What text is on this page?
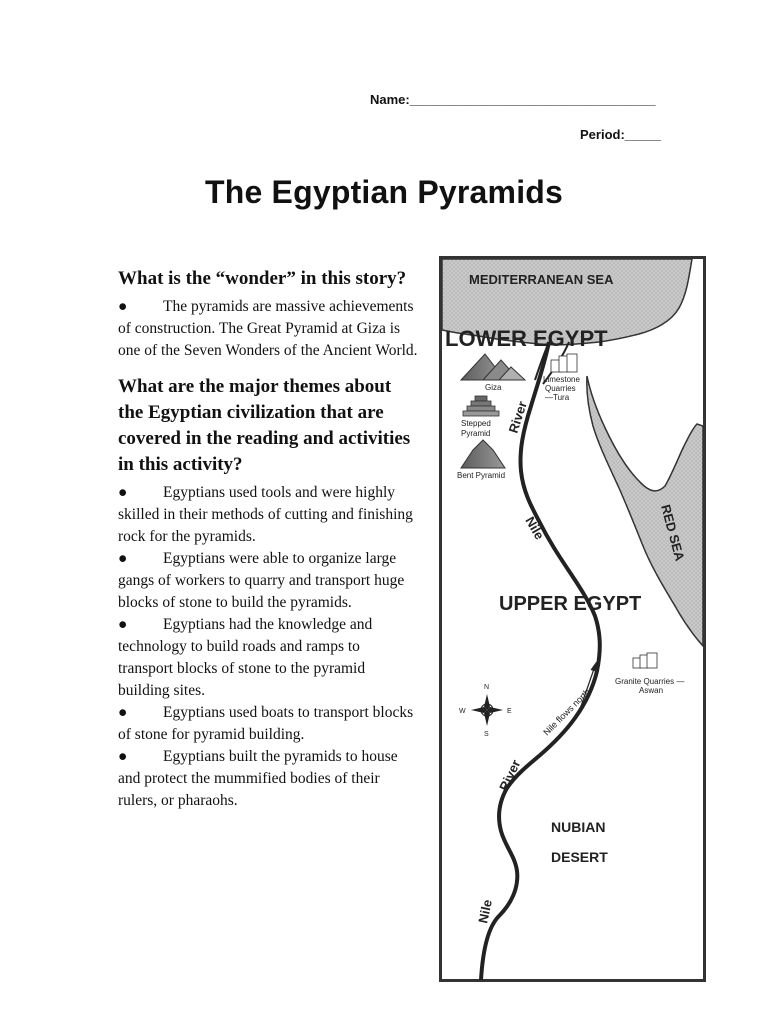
Name:__________________________________
Period:_____
The Egyptian Pyramids

What is the “wonder” in this story?

● The pyramids are massive achievements of construction. The Great Pyramid at Giza is one of the Seven Wonders of the Ancient World.

What are the major themes about the Egyptian civilization that are covered in the reading and activities in this activity?

● Egyptians used tools and were highly skilled in their methods of cutting and finishing rock for the pyramids.
● Egyptians were able to organize large gangs of workers to quarry and transport huge blocks of stone to build the pyramids.
● Egyptians had the knowledge and technology to build roads and ramps to transport blocks of stone to the pyramid building sites.
● Egyptians used boats to transport blocks of stone for pyramid building.
● Egyptians built the pyramids to house and protect the mummified bodies of their rulers, or pharaohs.
MEDITERRANEAN SEA
LOWER EGYPT
UPPER EGYPT
RED SEA
River
Nile
Nile flows north
River
Nile
NUBIAN
DESERT
Giza
Stepped
Pyramid
Bent Pyramid
Limestone
Quarries
—Tura
Granite Quarries —
Aswan
N
S
E
W
